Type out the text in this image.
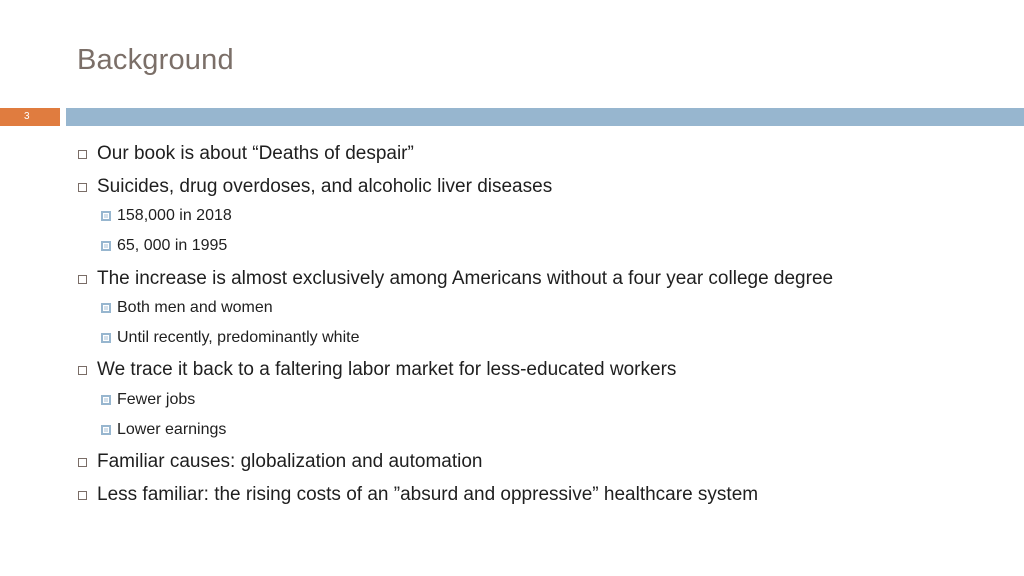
Background
3
Our book is about “Deaths of despair”
Suicides, drug overdoses, and alcoholic liver diseases
158,000 in 2018
65, 000 in 1995
The increase is almost exclusively among Americans without a four year college degree
Both men and women
Until recently, predominantly white
We trace it back to a faltering labor market for less-educated workers
Fewer jobs
Lower earnings
Familiar causes: globalization and automation
Less familiar: the rising costs of an ”absurd and oppressive” healthcare system
